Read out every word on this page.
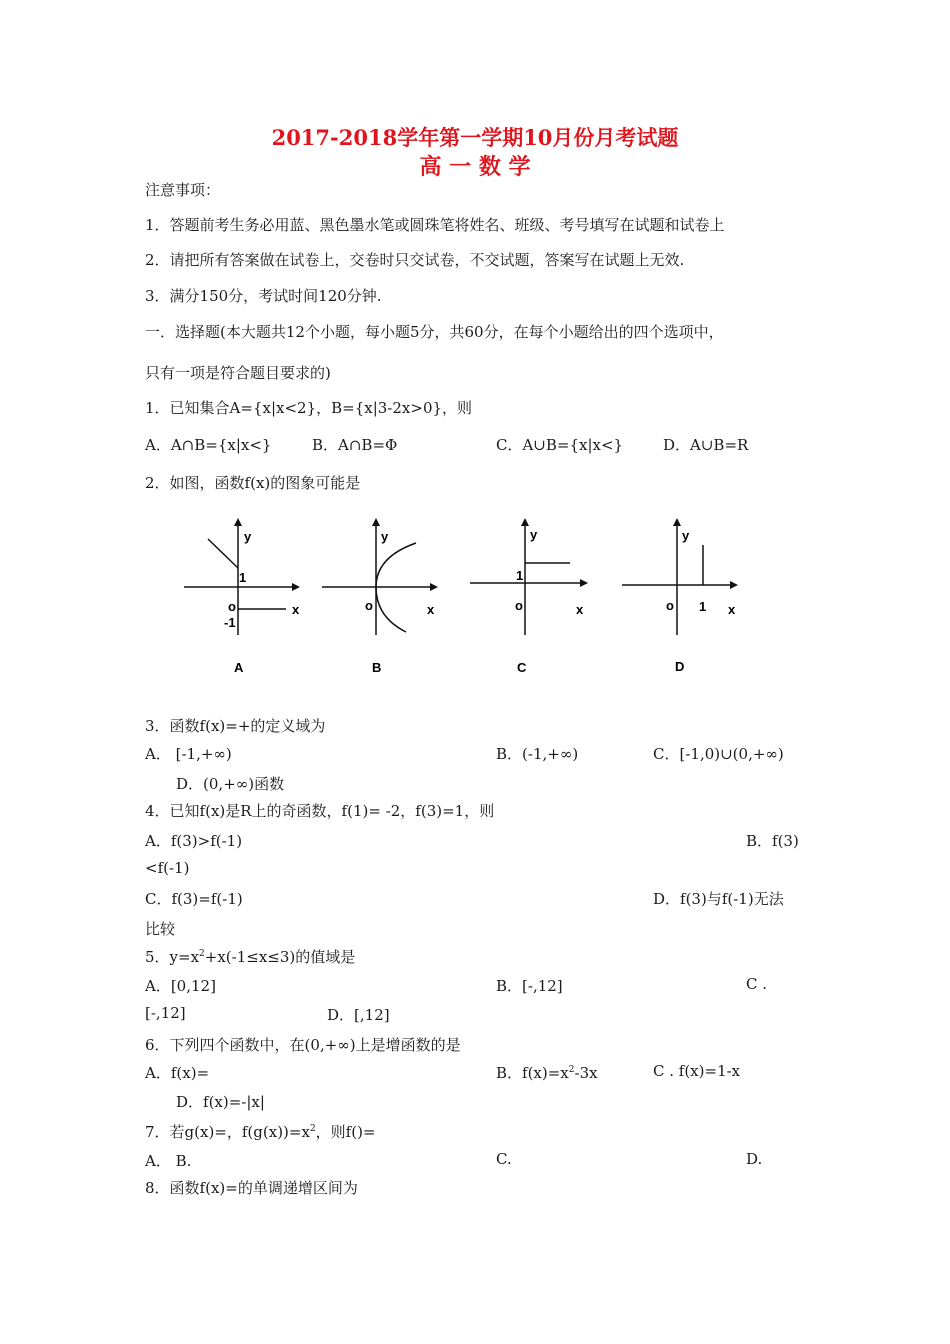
2017-2018学年第一学期10月份月考试题
高 一 数 学
注意事项：
1．答题前考生务必用蓝、黑色墨水笔或圆珠笔将姓名、班级、考号填写在试题和试卷上
2．请把所有答案做在试卷上，交卷时只交试卷，不交试题，答案写在试题上无效.
3．满分150分，考试时间120分钟.
一．选择题(本大题共12个小题，每小题5分，共60分，在每个小题给出的四个选项中，
只有一项是符合题目要求的)
1．已知集合A={x|x<2}，B={x|3-2x>0}，则
A．A∩B={x|x<}	B．A∩B=Φ	C．A∪B={x|x<}	D．A∪B=R
2．如图，函数f(x)的图象可能是
y
1
o	x
-1
A
y
o	x
B
y
1
o	x
C
y
o 1 x
D
3．函数f(x)=+的定义域为
A． [-1,+∞)	B．(-1,+∞)	C．[-1,0)∪(0,+∞)
D．(0,+∞)函数
4．已知f(x)是R上的奇函数，f(1)= -2，f(3)=1，则
A．f(3)>f(-1)	B．f(3)
<f(-1)
C．f(3)=f(-1)	D．f(3)与f(-1)无法
比较
5．$y=x^2+x(-1\le x\le 3)$的值域是
A．[0,12]	B．[-,12]	C .
[-,12]	D．[,12]
6．下列四个函数中，在(0,+∞)上是增函数的是
A．f(x)=	B．$f(x)=x^2-3x$	C . f(x)=1-x
D．f(x)=-|x|
7．若g(x)=，$f(g(x))=x^2$，则f()=
A． B.	C.	D.
8．函数f(x)=的单调递增区间为
